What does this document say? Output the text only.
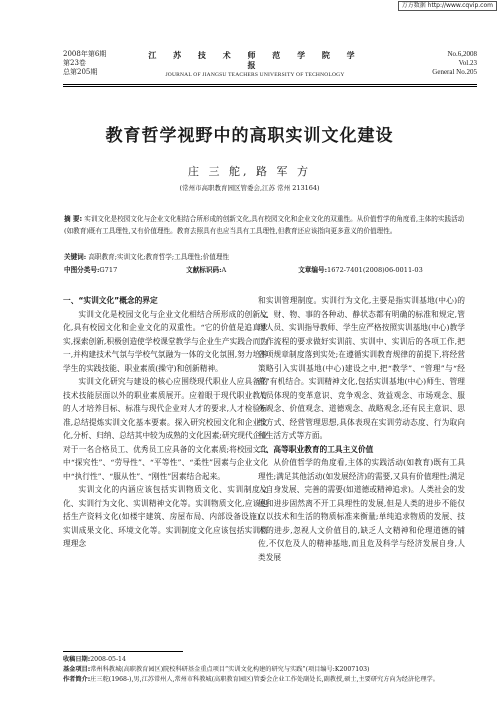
万方数据 http://www.cqvip.com
2008年第6期
第23卷
总第205期
江 苏 技 术 师 范 学 院 学 报
JOURNAL OF JIANGSU TEACHERS UNIVERSITY OF TECHNOLOGY
No.6,2008
Vol.23
General No.205
教育哲学视野中的高职实训文化建设
庄 三 舵, 路 军 方
(常州市高职教育园区管委会,江苏 常州 213164)
摘 要: 实训文化是校园文化与企业文化相结合所形成的创新文化,具有校园文化和企业文化的双重性。从价值哲学的角度看,主体的实践活动(如教育)既有工具理性,又有价值理性。教育去照具有也应当具有工具理性,但教育还应该指向更多意义的价值理性。
关键词: 高职教育;实训文化;教育哲学;工具理性;价值理性
中图分类号:G717	文献标识码:A	文章编号:1672-7401(2008)06-0011-03
一、“实训文化”概念的界定

实训文化是校园文化与企业文化相结合所形成的创新文化,具有校园文化和企业文化的双重性。“它的价值是追真求实,探索创新,积极创造使学校课堂教学与企业生产实践合而为一,并构建技术气氛与学校气氛融为一体的文化氛围,努力培养学生的实践技能、职业素质(操守)和创新精神。

实训文化研究与建设的核心应围绕现代职业人应具备的技术技能层面以外的职业素质展开。应着眼于现代职业教育的人才培养目标、标准与现代企业对人才的要求,人才检验标准,总结提炼实训文化基本要素。探入研究校园文化和企业文化,分析、归纳、总结其中较为成熟的文化因素;研究现代企业对于一名合格员工、优秀员工应具备的文化素质;将校园文化中“探究性”、“劳导性”、“平等性”、“柔性”因素与企业文化中“执行性”、“服从性”、“刚性”因素结合起来。

实训文化的内涵应该包括实训物质文化、实训制度文化、实训行为文化、实训精神文化等。实训物质文化,应该包括生产资料文化(如楼宇建筑、房屋布局、内部设备设施)、实训成果文化、环境文化等。实训制度文化应该包括实训管理理念

和实训管理制度。实训行为文化,主要是指实训基地(中心)的人、财、物、事的各种动、静状态都有明确的标准和规定,管理人员、实训指导教师、学生应严格按照实训基地(中心)教学工作流程的要求做好实训前、实训中、实训后的各项工作,把各项规章制度落到实处;在遵循实训教育规律的前提下,将经营策略引入实训基地(中心)建设之中,把“教学”、“管理”与“经营”有机结合。实训精神文化,包括实训基地(中心)师生、管理人员体现的变革意识、竞争观念、效益观念、市场观念、服务观念、价值观念、道德观念、战略观念,还有民主意识、思维方式、经营管理思想,具体表现在实训劳动态度、行为取向和生活方式等方面。

二、高等职业教育的工具主义价值

从价值哲学的角度看,主体的实践活动(如教育)既有工具理性;满足其他活动(如发展经济)的需要,又具有价值理性;满足人自身发展、完善的需要(如道德或精神追求)。人类社会的发展和进步固然离不开工具理性的发展,但是人类的进步不能仅仅以技术和生活的物质标准来衡量;单纯追求物质的发展、技术的进步,忽视人文价值目的,缺乏人文精神和伦理道德的铺佐,不仅危及人的精神基地,而且危及科学与经济发展自身,人类发展

收稿日期:2008-05-14
基金项目:常州科教城(高职教育园区)院校科研基金重点项目“实训文化构建的研究与实践”(项目编号:K2007103)
作者简介:庄三舵(1968-),男,江苏常州人,常州市科教城(高职教育园区)管委会企业工作处副处长,副教授,硕士,主要研究方向为经济伦理学。
